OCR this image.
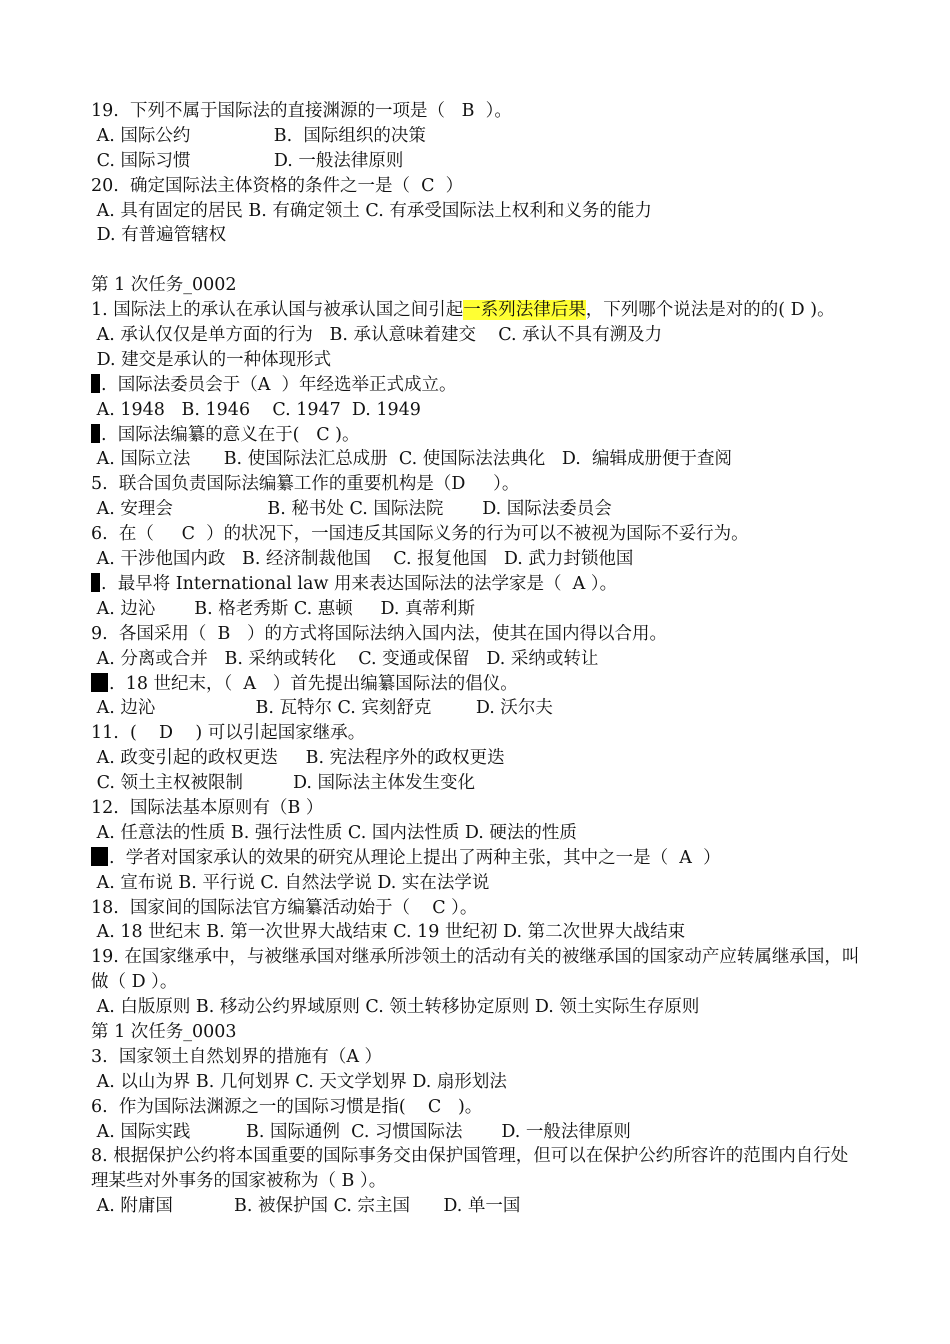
19.  下列不属于国际法的直接渊源的一项是（   B  ）。
A. 国际公约               B.  国际组织的决策
C. 国际习惯               D. 一般法律原则
20.  确定国际法主体资格的条件之一是（  C  ）
A. 具有固定的居民 B. 有确定领土 C. 有承受国际法上权利和义务的能力
D. 有普遍管辖权
第 1 次任务_0002
1. 国际法上的承认在承认国与被承认国之间引起一系列法律后果，下列哪个说法是对的的( D )。
A. 承认仅仅是单方面的行为   B. 承认意味着建交    C. 承认不具有溯及力
D. 建交是承认的一种体现形式
.  国际法委员会于（A  ）年经选举正式成立。
A. 1948   B. 1946    C. 1947  D. 1949
.  国际法编纂的意义在于(   C )。
A. 国际立法      B. 使国际法汇总成册  C. 使国际法法典化   D.  编辑成册便于查阅
5.  联合国负责国际法编纂工作的重要机构是（D     ）。
A. 安理会                 B. 秘书处 C. 国际法院       D. 国际法委员会
6.  在（     C  ）的状况下，一国违反其国际义务的行为可以不被视为国际不妥行为。
A. 干涉他国内政   B. 经济制裁他国    C. 报复他国   D. 武力封锁他国
.  最早将 International law 用来表达国际法的法学家是（  A ）。
A. 边沁       B. 格老秀斯 C. 惠顿     D. 真蒂利斯
9.  各国采用（  B   ）的方式将国际法纳入国内法，使其在国内得以合用。
A. 分离或合并   B. 采纳或转化    C. 变通或保留   D. 采纳或转让
.  18 世纪末，（  A   ）首先提出编纂国际法的倡仪。
A. 边沁                  B. 瓦特尔 C. 宾刻舒克        D. 沃尔夫
11.  (    D    ) 可以引起国家继承。
A. 政变引起的政权更迭     B. 宪法程序外的政权更迭
C. 领土主权被限制         D. 国际法主体发生变化
12.  国际法基本原则有（B ）
A. 任意法的性质 B. 强行法性质 C. 国内法性质 D. 硬法的性质
.  学者对国家承认的效果的研究从理论上提出了两种主张，其中之一是（  A  ）
A. 宣布说 B. 平行说 C. 自然法学说 D. 实在法学说
18.  国家间的国际法官方编纂活动始于（    C ）。
A. 18 世纪末 B. 第一次世界大战结束 C. 19 世纪初 D. 第二次世界大战结束
19. 在国家继承中，与被继承国对继承所涉领土的活动有关的被继承国的国家动产应转属继承国，叫做（ D ）。
A. 白版原则 B. 移动公约界域原则 C. 领土转移协定原则 D. 领土实际生存原则
第 1 次任务_0003
3.  国家领土自然划界的措施有（A ）
A. 以山为界 B. 几何划界 C. 天文学划界 D. 扇形划法
6.  作为国际法渊源之一的国际习惯是指(    C   )。
A. 国际实践          B. 国际通例  C. 习惯国际法       D. 一般法律原则
8. 根据保护公约将本国重要的国际事务交由保护国管理，但可以在保护公约所容许的范围内自行处理某些对外事务的国家被称为（ B ）。
A. 附庸国           B. 被保护国 C. 宗主国      D. 单一国
